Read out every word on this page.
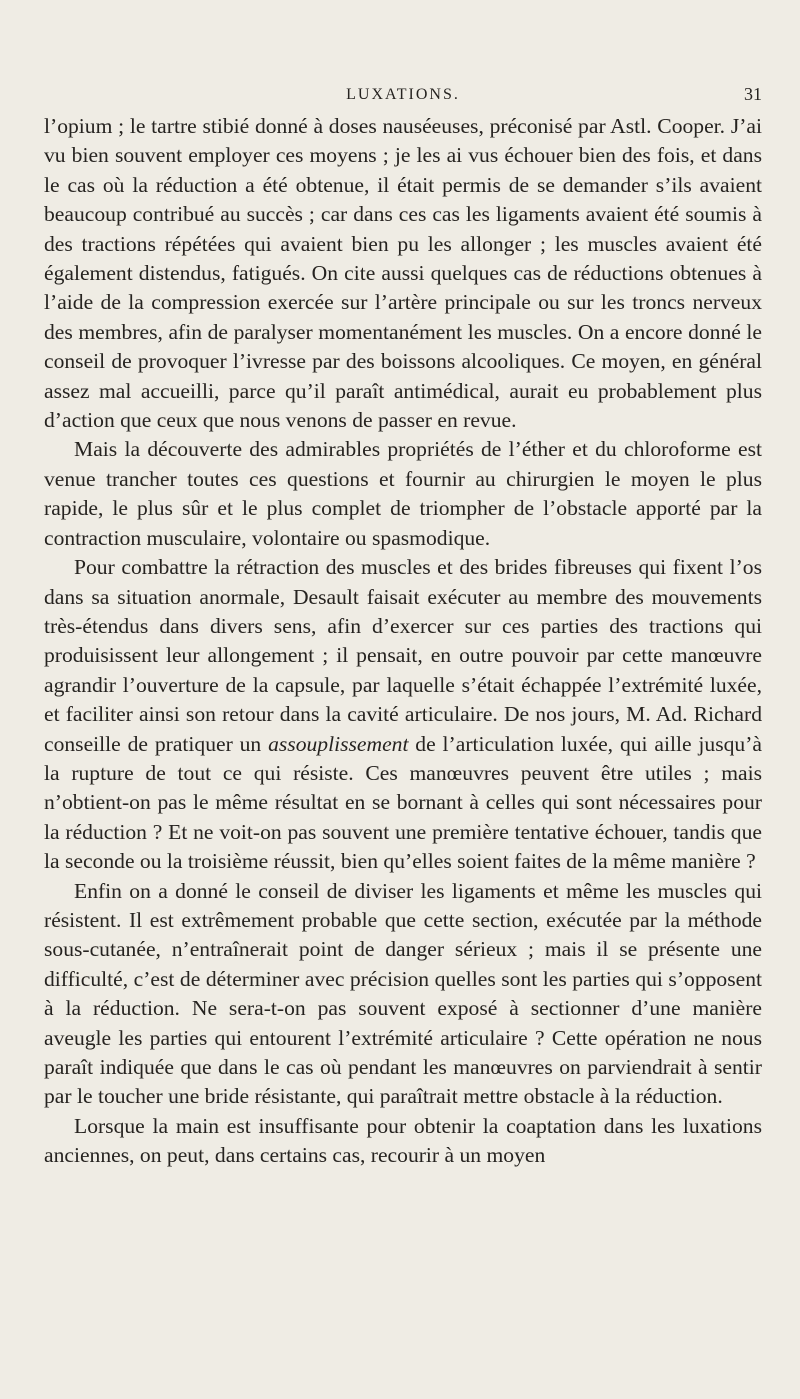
LUXATIONS.	31

l’opium ; le tartre stibié donné à doses nauséeuses, préconisé par Astl. Cooper. J’ai vu bien souvent employer ces moyens ; je les ai vus échouer bien des fois, et dans le cas où la réduction a été obtenue, il était permis de se demander s’ils avaient beaucoup contribué au succès ; car dans ces cas les ligaments avaient été soumis à des tractions répétées qui avaient bien pu les allonger ; les muscles avaient été également distendus, fatigués. On cite aussi quelques cas de réductions obtenues à l’aide de la compression exercée sur l’artère principale ou sur les troncs nerveux des membres, afin de paralyser momentanément les muscles. On a encore donné le conseil de provoquer l’ivresse par des boissons alcooliques. Ce moyen, en général assez mal accueilli, parce qu’il paraît antimédical, aurait eu probablement plus d’action que ceux que nous venons de passer en revue.

Mais la découverte des admirables propriétés de l’éther et du chloroforme est venue trancher toutes ces questions et fournir au chirurgien le moyen le plus rapide, le plus sûr et le plus complet de triompher de l’obstacle apporté par la contraction musculaire, volontaire ou spasmodique.

Pour combattre la rétraction des muscles et des brides fibreuses qui fixent l’os dans sa situation anormale, Desault faisait exécuter au membre des mouvements très-étendus dans divers sens, afin d’exercer sur ces parties des tractions qui produisissent leur allongement ; il pensait, en outre pouvoir par cette manœuvre agrandir l’ouverture de la capsule, par laquelle s’était échappée l’extrémité luxée, et faciliter ainsi son retour dans la cavité articulaire. De nos jours, M. Ad. Richard conseille de pratiquer un assouplissement de l’articulation luxée, qui aille jusqu’à la rupture de tout ce qui résiste. Ces manœuvres peuvent être utiles ; mais n’obtient-on pas le même résultat en se bornant à celles qui sont nécessaires pour la réduction ? Et ne voit-on pas souvent une première tentative échouer, tandis que la seconde ou la troisième réussit, bien qu’elles soient faites de la même manière ?

Enfin on a donné le conseil de diviser les ligaments et même les muscles qui résistent. Il est extrêmement probable que cette section, exécutée par la méthode sous-cutanée, n’entraînerait point de danger sérieux ; mais il se présente une difficulté, c’est de déterminer avec précision quelles sont les parties qui s’opposent à la réduction. Ne sera-t-on pas souvent exposé à sectionner d’une manière aveugle les parties qui entourent l’extrémité articulaire ? Cette opération ne nous paraît indiquée que dans le cas où pendant les manœuvres on parviendrait à sentir par le toucher une bride résistante, qui paraîtrait mettre obstacle à la réduction.

Lorsque la main est insuffisante pour obtenir la coaptation dans les luxations anciennes, on peut, dans certains cas, recourir à un moyen
